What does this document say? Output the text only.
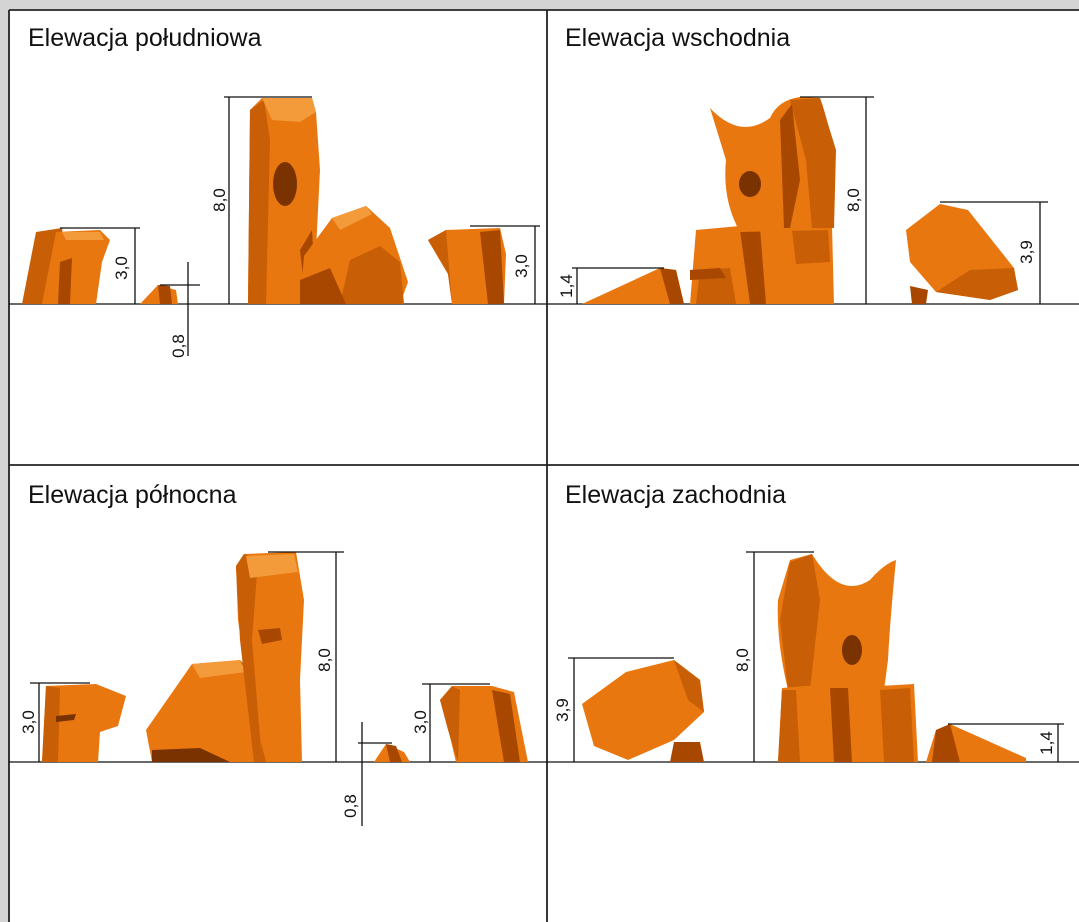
Elewacja południowa
3,0
0,8
8,0
3,0
Elewacja wschodnia
1,4
8,0
3,9
Elewacja północna
3,0
8,0
0,8
3,0
Elewacja zachodnia
3,9
8,0
1,4
